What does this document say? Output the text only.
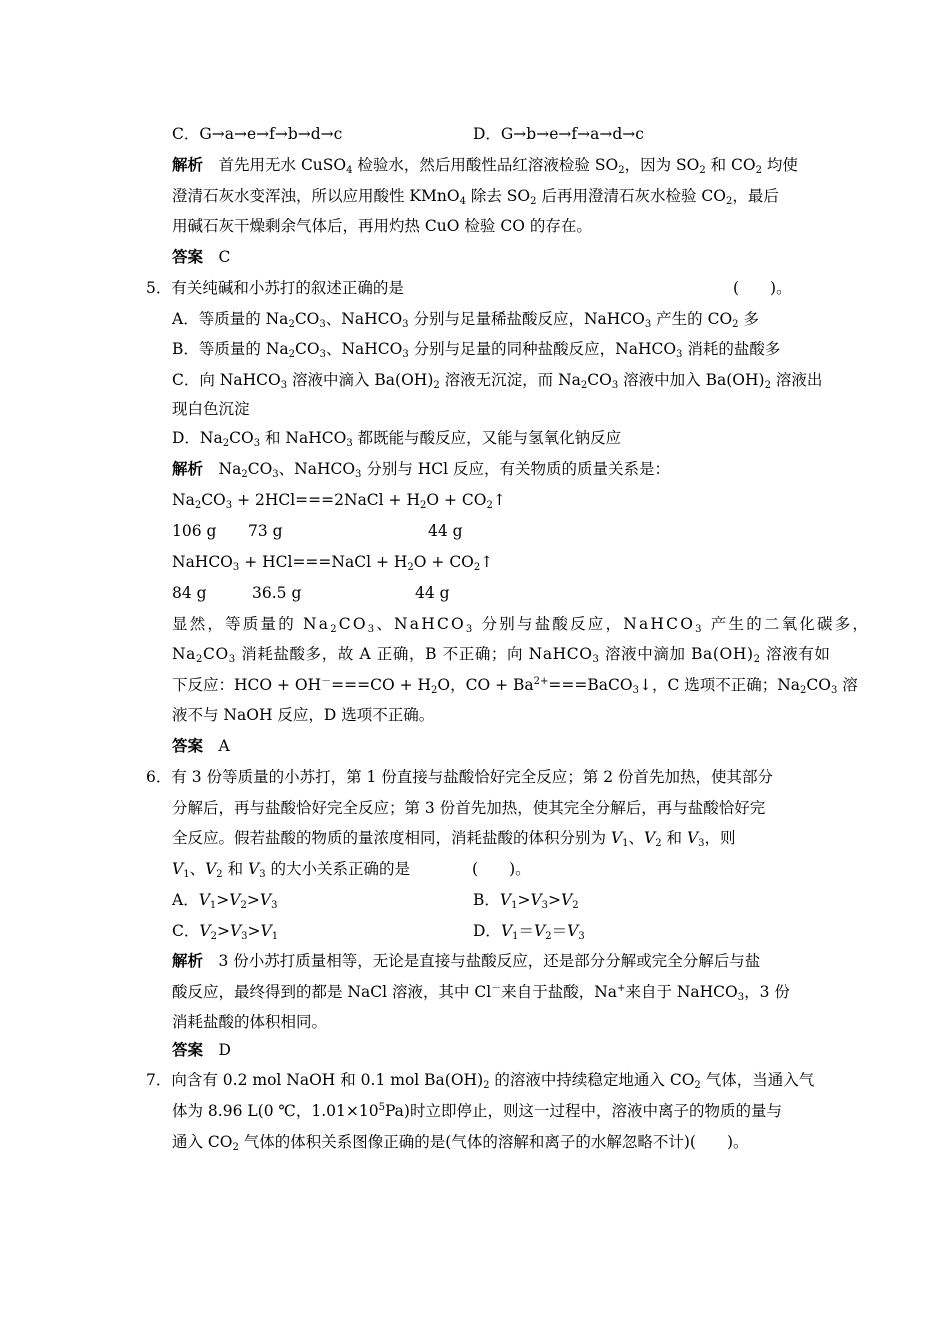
C．G→a→e→f→b→d→c	D．G→b→e→f→a→d→c
解析　首先用无水 CuSO$_4$ 检验水，然后用酸性品红溶液检验 $SO_2$，因为 $SO_2$ 和 $CO_2$ 均使
澄清石灰水变浑浊，所以应用酸性 KMnO$_4$ 除去 $SO_2$ 后再用澄清石灰水检验 $CO_2$，最后
用碱石灰干燥剩余气体后，再用灼热 CuO 检验 CO 的存在。
答案　 C
5．有关纯碱和小苏打的叙述正确的是	(　　)。
A．等质量的 $Na_2CO_3$、NaHCO$_3$ 分别与足量稀盐酸反应，NaHCO$_3$ 产生的 $CO_2$ 多
B．等质量的 $Na_2CO_3$、NaHCO$_3$ 分别与足量的同种盐酸反应，NaHCO$_3$ 消耗的盐酸多
C．向 NaHCO$_3$ 溶液中滴入 $Ba(OH)_2$ 溶液无沉淀，而 $Na_2CO_3$ 溶液中加入 $Ba(OH)_2$ 溶液出
现白色沉淀
D．$Na_2CO_3$ 和 NaHCO$_3$ 都既能与酸反应，又能与氢氧化钠反应
解析　$Na_2CO_3$、NaHCO$_3$ 分别与 HCl 反应，有关物质的质量关系是：
$Na_2CO_3$ + 2HCl===2NaCl + $H_2O$ + $CO_2↑$
106 g 73 g	44 g
NaHCO$_3$ + HCl===NaCl + $H_2O$ + $CO_2↑$
84 g	36.5 g	44 g
显然，等质量的 $Na_2CO_3$、NaHCO$_3$ 分别与盐酸反应，NaHCO$_3$ 产生的二氧化碳多，
$Na_2CO_3$ 消耗盐酸多，故 A 正确，B 不正确；向 NaHCO$_3$ 溶液中滴加 $Ba(OH)_2$ 溶液有如
下反应：HCO + $OH^-===CO + H_2O$，CO + $Ba^{2+}===BaCO_3↓$，C 选项不正确；$Na_2CO_3$ 溶
液不与 NaOH 反应，D 选项不正确。
答案　 A
6．有 3 份等质量的小苏打，第 1 份直接与盐酸恰好完全反应；第 2 份首先加热，使其部分
分解后，再与盐酸恰好完全反应；第 3 份首先加热，使其完全分解后，再与盐酸恰好完
全反应。假若盐酸的物质的量浓度相同，消耗盐酸的体积分别为 $V_1$、$V_2$ 和 $V_3$，则
$V_1$、$V_2$ 和 $V_3$ 的大小关系正确的是　　　　(　　)。
A．$V_1>V_2>V_3$	B．$V_1>V_3>V_2$
C．$V_2>V_3>V_1$	D．$V_1=V_2=V_3$
解析　3 份小苏打质量相等，无论是直接与盐酸反应，还是部分分解或完全分解后与盐
酸反应，最终得到的都是 NaCl 溶液，其中 Cl－来自于盐酸，Na+来自于 NaHCO$_3$，3 份
消耗盐酸的体积相同。
答案　 D
7．向含有 0.2 mol NaOH 和 0.1 mol $Ba(OH)_2$ 的溶液中持续稳定地通入 $CO_2$ 气体，当通入气
体为 8.96 L(0 ℃，$1.01\times 10^5Pa$)时立即停止，则这一过程中，溶液中离子的物质的量与
通入 $CO_2$ 气体的体积关系图像正确的是(气体的溶解和离子的水解忽略不计)(　　)。
